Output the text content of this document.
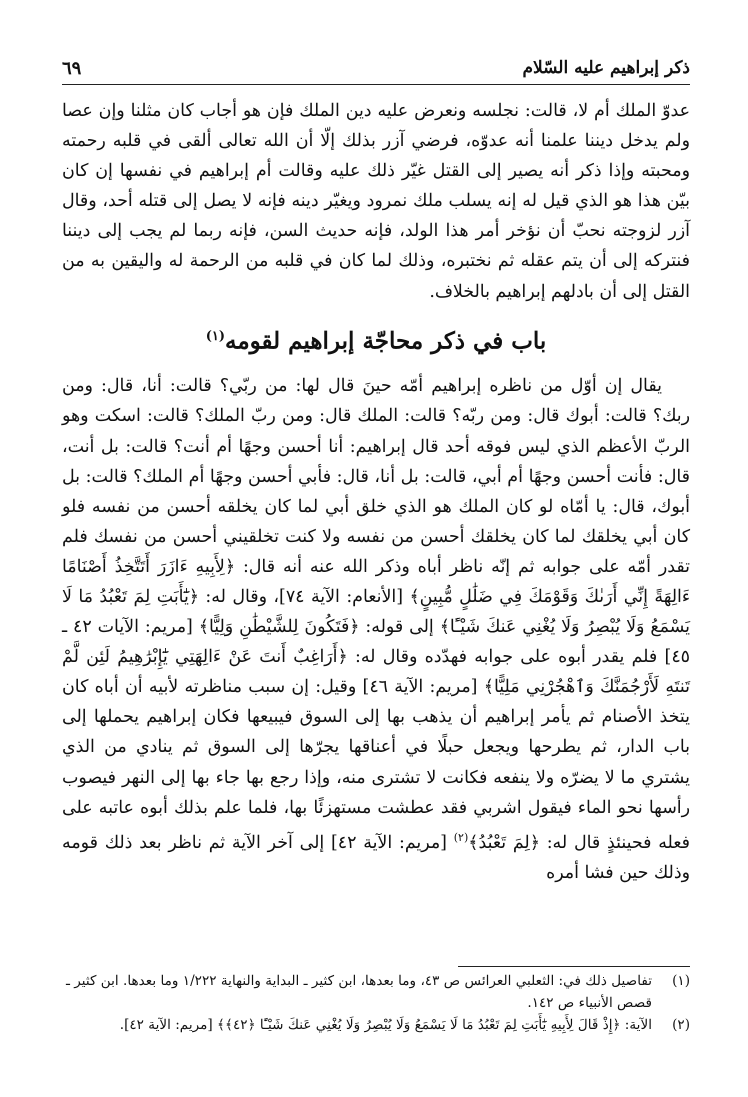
ذكر إبراهيم عليه السّلام
٦٩

عدوّ الملك أم لا، قالت: نجلسه ونعرض عليه دين الملك فإن هو أجاب كان مثلنا وإن عصا ولم يدخل ديننا علمنا أنه عدوّه، فرضي آزر بذلك إلّا أن الله تعالى ألقى في قلبه رحمته ومحبته وإذا ذكر أنه يصير إلى القتل غيّر ذلك عليه وقالت أم إبراهيم في نفسها إن كان بيّن هذا هو الذي قيل له إنه يسلب ملك نمرود ويغيّر دينه فإنه لا يصل إلى قتله أحد، وقال آزر لزوجته نحبّ أن نؤخر أمر هذا الولد، فإنه حديث السن، فإنه ربما لم يجب إلى ديننا فنتركه إلى أن يتم عقله ثم نختبره، وذلك لما كان في قلبه من الرحمة له واليقين به من القتل إلى أن بادلهم إبراهيم بالخلاف.

باب في ذكر محاجّة إبراهيم لقومه$^{(١)}$

يقال إن أوّل من ناظره إبراهيم أمّه حينَ قال لها: من ربّي؟ قالت: أنا، قال: ومن ربك؟ قالت: أبوك قال: ومن ربّه؟ قالت: الملك قال: ومن ربّ الملك؟ قالت: اسكت وهو الربّ الأعظم الذي ليس فوقه أحد قال إبراهيم: أنا أحسن وجهًا أم أنت؟ قالت: بل أنت، قال: فأنت أحسن وجهًا أم أبي، قالت: بل أنا، قال: فأبي أحسن وجهًا أم الملك؟ قالت: بل أبوك، قال: يا أمّاه لو كان الملك هو الذي خلق أبي لما كان يخلقه أحسن من نفسه فلو كان أبي يخلقك لما كان يخلقك أحسن من نفسه ولا كنت تخلقيني أحسن من نفسك فلم تقدر أمّه على جوابه ثم إنّه ناظر أباه وذكر الله عنه أنه قال: ﴿لِأَبِيهِ ءَازَرَ أَتَتَّخِذُ أَصْنَامًا ءَالِهَةً إِنِّي أَرَىٰكَ وَقَوْمَكَ فِي ضَلَٰلٍ مُّبِينٍ﴾ [الأنعام: الآية ٧٤]، وقال له: ﴿يَٰٓأَبَتِ لِمَ تَعْبُدُ مَا لَا يَسْمَعُ وَلَا يُبْصِرُ وَلَا يُغْنِي عَنكَ شَيْـًٔا﴾ إلى قوله: ﴿فَتَكُونَ لِلشَّيْطَٰنِ وَلِيًّا﴾ [مريم: الآيات ٤٢ ـ ٤٥] فلم يقدر أبوه على جوابه فهدّده وقال له: ﴿أَرَاغِبٌ أَنتَ عَنْ ءَالِهَتِي يَٰٓإِبْرَٰهِيمُ لَئِن لَّمْ تَنتَهِ لَأَرْجُمَنَّكَ وَٱهْجُرْنِي مَلِيًّا﴾ [مريم: الآية ٤٦] وقيل: إن سبب مناظرته لأبيه أن أباه كان يتخذ الأصنام ثم يأمر إبراهيم أن يذهب بها إلى السوق فيبيعها فكان إبراهيم يحملها إلى باب الدار، ثم يطرحها ويجعل حبلًا في أعناقها يجرّها إلى السوق ثم ينادي من الذي يشتري ما لا يضرّه ولا ينفعه فكانت لا تشترى منه، وإذا رجع بها جاء بها إلى النهر فيصوب رأسها نحو الماء فيقول اشربي فقد عطشت مستهزئًا بها، فلما علم بذلك أبوه عاتبه على فعله فحينئذٍ قال له: ﴿لِمَ تَعْبُدُ﴾$^{(٢)}$ [مريم: الآية ٤٢] إلى آخر الآية ثم ناظر بعد ذلك قومه وذلك حين فشا أمره

(١)
تفاصيل ذلك في: الثعلبي العرائس ص ٤٣، وما بعدها، ابن كثير ـ البداية والنهاية ١/٢٢٢ وما بعدها. ابن كثير ـ قصص الأنبياء ص ١٤٢.

(٢)
الآية: ﴿إِذْ قَالَ لِأَبِيهِ يَٰٓأَبَتِ لِمَ تَعْبُدُ مَا لَا يَسْمَعُ وَلَا يُبْصِرُ وَلَا يُغْنِي عَنكَ شَيْـًٔا ﴿٤٢﴾﴾ [مريم: الآية ٤٢].
